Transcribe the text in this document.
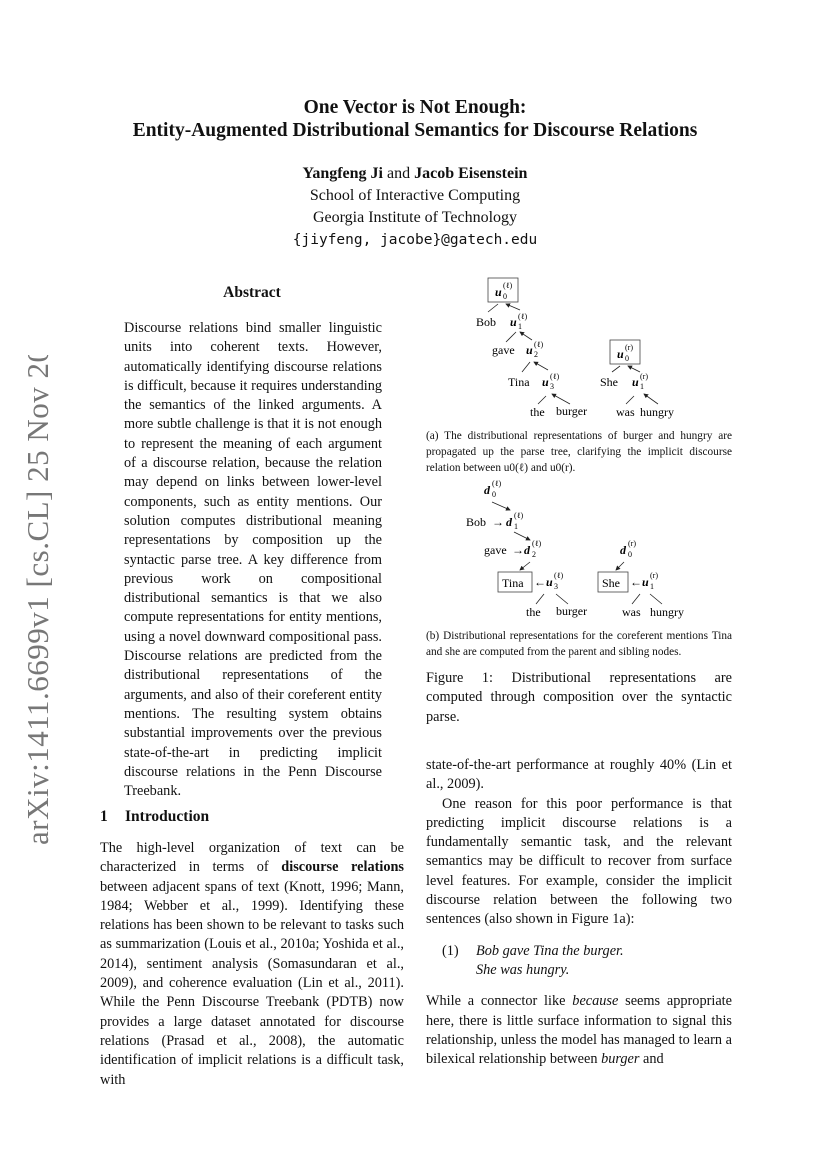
arXiv:1411.6699v1 [cs.CL] 25 Nov 2014
One Vector is Not Enough:
Entity-Augmented Distributional Semantics for Discourse Relations
Yangfeng Ji and Jacob Eisenstein
School of Interactive Computing
Georgia Institute of Technology
{jiyfeng, jacobe}@gatech.edu
Abstract
Discourse relations bind smaller linguistic units into coherent texts. However, automatically identifying discourse relations is difficult, because it requires understanding the semantics of the linked arguments. A more subtle challenge is that it is not enough to represent the meaning of each argument of a discourse relation, because the relation may depend on links between lower-level components, such as entity mentions. Our solution computes distributional meaning representations by composition up the syntactic parse tree. A key difference from previous work on compositional distributional semantics is that we also compute representations for entity mentions, using a novel downward compositional pass. Discourse relations are predicted from the distributional representations of the arguments, and also of their coreferent entity mentions. The resulting system obtains substantial improvements over the previous state-of-the-art in predicting implicit discourse relations in the Penn Discourse Treebank.
1 Introduction
The high-level organization of text can be characterized in terms of discourse relations between adjacent spans of text (Knott, 1996; Mann, 1984; Webber et al., 1999). Identifying these relations has been shown to be relevant to tasks such as summarization (Louis et al., 2010a; Yoshida et al., 2014), sentiment analysis (Somasundaran et al., 2009), and coherence evaluation (Lin et al., 2011). While the Penn Discourse Treebank (PDTB) now provides a large dataset annotated for discourse relations (Prasad et al., 2008), the automatic identification of implicit relations is a difficult task, with
u 0
(ℓ)
Bob u 1
(ℓ)
gave u 2
(ℓ)
Tina u 3
(ℓ)
the burger
u 0
(r)
She u 1
(r)
was hungry
d 0
(ℓ)
Bob → d 1
(ℓ)
gave → d 2
(ℓ)
Tina ← u 3
(ℓ)
d 0
(r)
She ← u 1
(r)
the burger	was hungry
(a) The distributional representations of burger and hungry are propagated up the parse tree, clarifying the implicit discourse relation between u0(ℓ) and u0(r).
(b) Distributional representations for the coreferent mentions Tina and she are computed from the parent and sibling nodes.
Figure 1: Distributional representations are computed through composition over the syntactic parse.

state-of-the-art performance at roughly 40% (Lin et al., 2009).

One reason for this poor performance is that predicting implicit discourse relations is a fundamentally semantic task, and the relevant semantics may be difficult to recover from surface level features. For example, consider the implicit discourse relation between the following two sentences (also shown in Figure 1a):

(1) Bob gave Tina the burger.
She was hungry.

While a connector like because seems appropriate here, there is little surface information to signal this relationship, unless the model has managed to learn a bilexical relationship between burger and
